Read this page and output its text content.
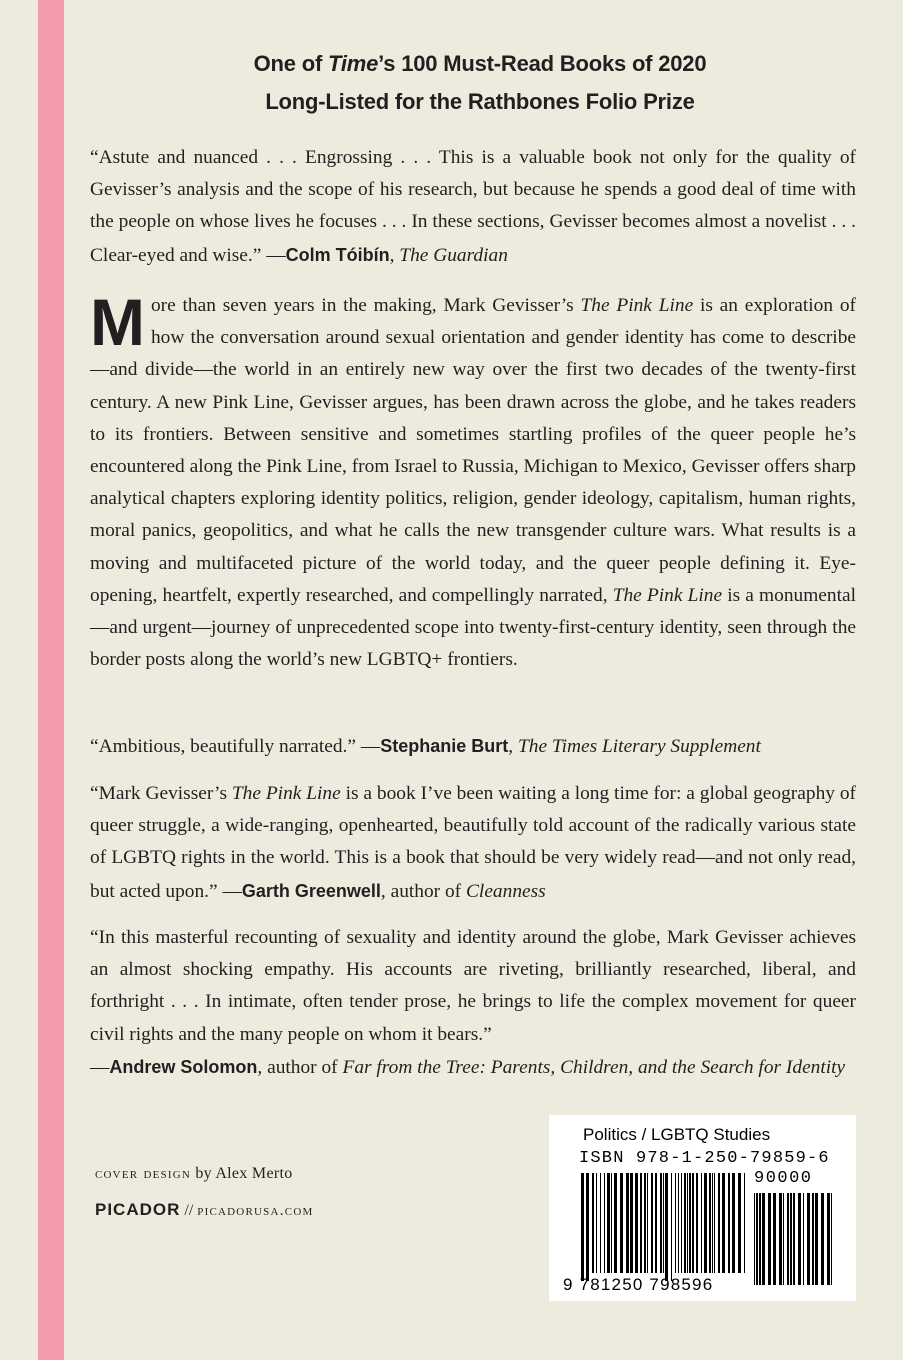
One of Time’s 100 Must-Read Books of 2020
Long-Listed for the Rathbones Folio Prize

“Astute and nuanced . . . Engrossing . . . This is a valuable book not only for the quality of Gevisser’s analysis and the scope of his research, but because he spends a good deal of time with the people on whose lives he focuses . . . In these sections, Gevisser becomes almost a novelist . . . Clear-eyed and wise.” —Colm Tóibín, The Guardian

More than seven years in the making, Mark Gevisser’s The Pink Line is an exploration of how the conversation around sexual orientation and gender identity has come to describe—and divide—the world in an entirely new way over the first two decades of the twenty-first century. A new Pink Line, Gevisser argues, has been drawn across the globe, and he takes readers to its frontiers. Between sensitive and sometimes startling profiles of the queer people he’s encountered along the Pink Line, from Israel to Russia, Michigan to Mexico, Gevisser offers sharp analytical chapters exploring identity politics, religion, gender ideology, capitalism, human rights, moral panics, geopolitics, and what he calls the new transgender culture wars. What results is a moving and multifaceted picture of the world today, and the queer people defining it. Eye-opening, heartfelt, expertly researched, and compellingly narrated, The Pink Line is a monumental—and urgent—journey of unprecedented scope into twenty-first-century identity, seen through the border posts along the world’s new LGBTQ+ frontiers.

“Ambitious, beautifully narrated.” —Stephanie Burt, The Times Literary Supplement

“Mark Gevisser’s The Pink Line is a book I’ve been waiting a long time for: a global geography of queer struggle, a wide-ranging, openhearted, beautifully told account of the radically various state of LGBTQ rights in the world. This is a book that should be very widely read—and not only read, but acted upon.” —Garth Greenwell, author of Cleanness

“In this masterful recounting of sexuality and identity around the globe, Mark Gevisser achieves an almost shocking empathy. His accounts are riveting, brilliantly researched, liberal, and forthright . . . In intimate, often tender prose, he brings to life the complex movement for queer civil rights and the many people on whom it bears.”
—Andrew Solomon, author of Far from the Tree: Parents, Children, and the Search for Identity

cover design by Alex Merto
PICADOR // picadorusa.com
Politics / LGBTQ Studies
ISBN 978-1-250-79859-6
90000
9 781250 798596
